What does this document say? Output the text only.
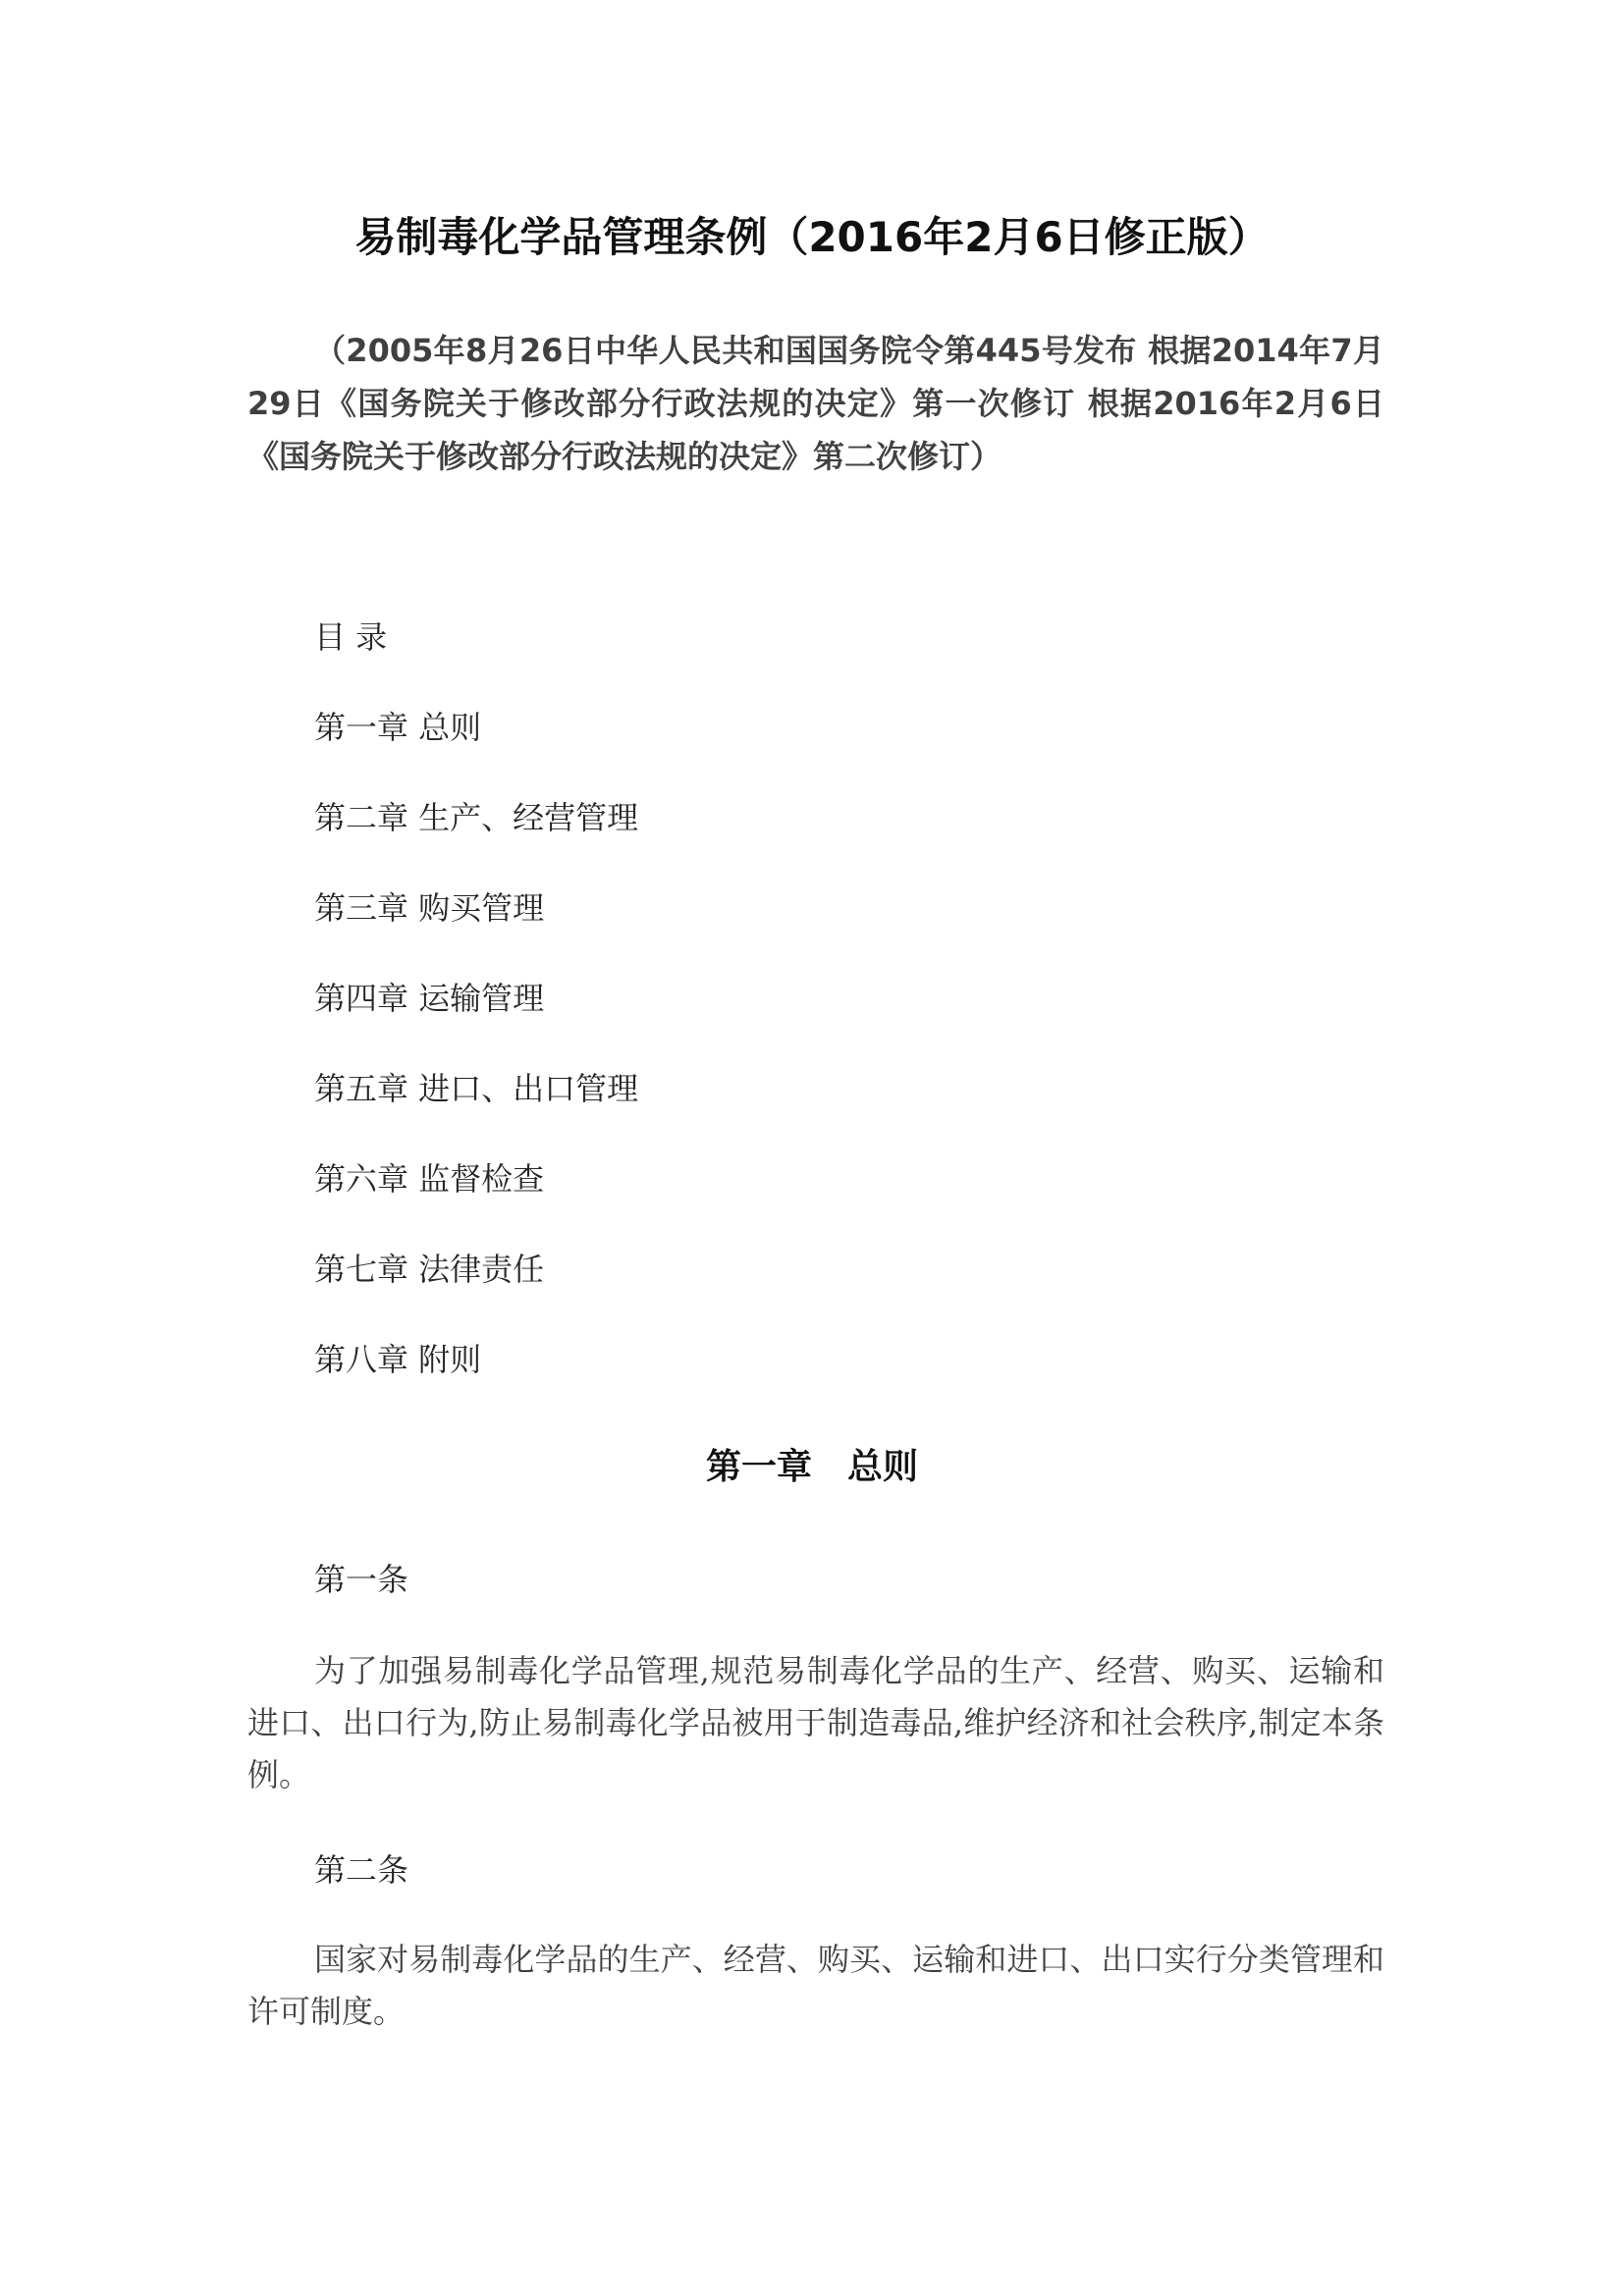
易制毒化学品管理条例（2016年2月6日修正版）

（2005年8月26日中华人民共和国国务院令第445号发布 根据2014年7月29日《国务院关于修改部分行政法规的决定》第一次修订 根据2016年2月6日《国务院关于修改部分行政法规的决定》第二次修订）

目 录
第一章 总则
第二章 生产、经营管理
第三章 购买管理
第四章 运输管理
第五章 进口、出口管理
第六章 监督检查
第七章 法律责任
第八章 附则
第一章　总则

第一条

为了加强易制毒化学品管理,规范易制毒化学品的生产、经营、购买、运输和进口、出口行为,防止易制毒化学品被用于制造毒品,维护经济和社会秩序,制定本条例。

第二条

国家对易制毒化学品的生产、经营、购买、运输和进口、出口实行分类管理和许可制度。
